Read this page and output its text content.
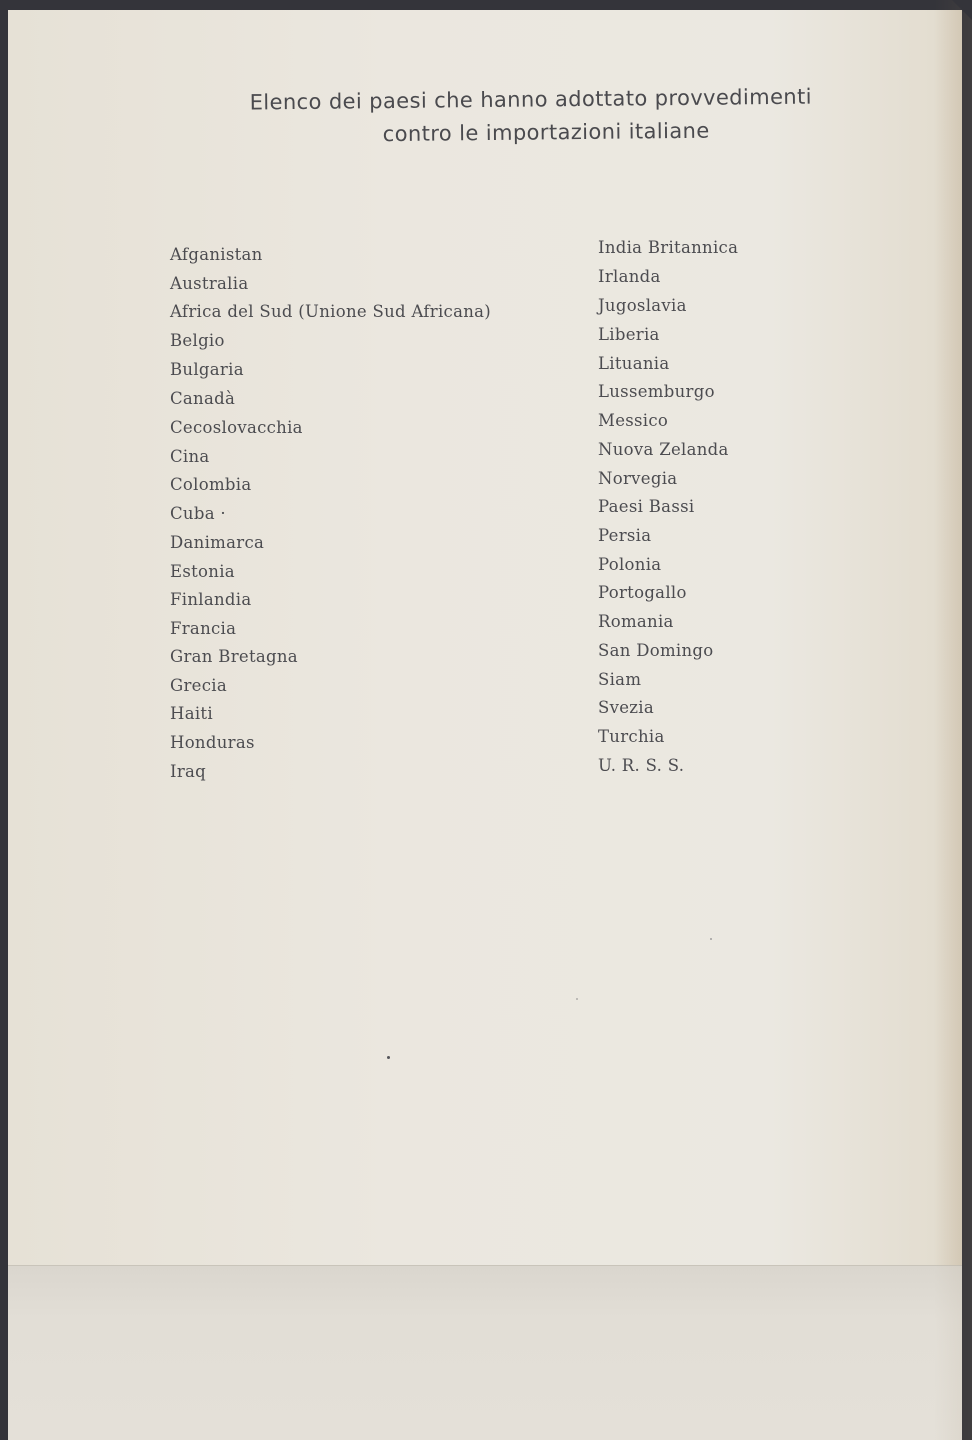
Elenco dei paesi che hanno adottato provvedimenti
contro le importazioni italiane
Afganistan
Australia
Africa del Sud (Unione Sud Africana)
Belgio
Bulgaria
Canadà
Cecoslovacchia
Cina
Colombia
Cuba ·
Danimarca
Estonia
Finlandia
Francia
Gran Bretagna
Grecia
Haiti
Honduras
Iraq
India Britannica
Irlanda
Jugoslavia
Liberia
Lituania
Lussemburgo
Messico
Nuova Zelanda
Norvegia
Paesi Bassi
Persia
Polonia
Portogallo
Romania
San Domingo
Siam
Svezia
Turchia
U. R. S. S.
